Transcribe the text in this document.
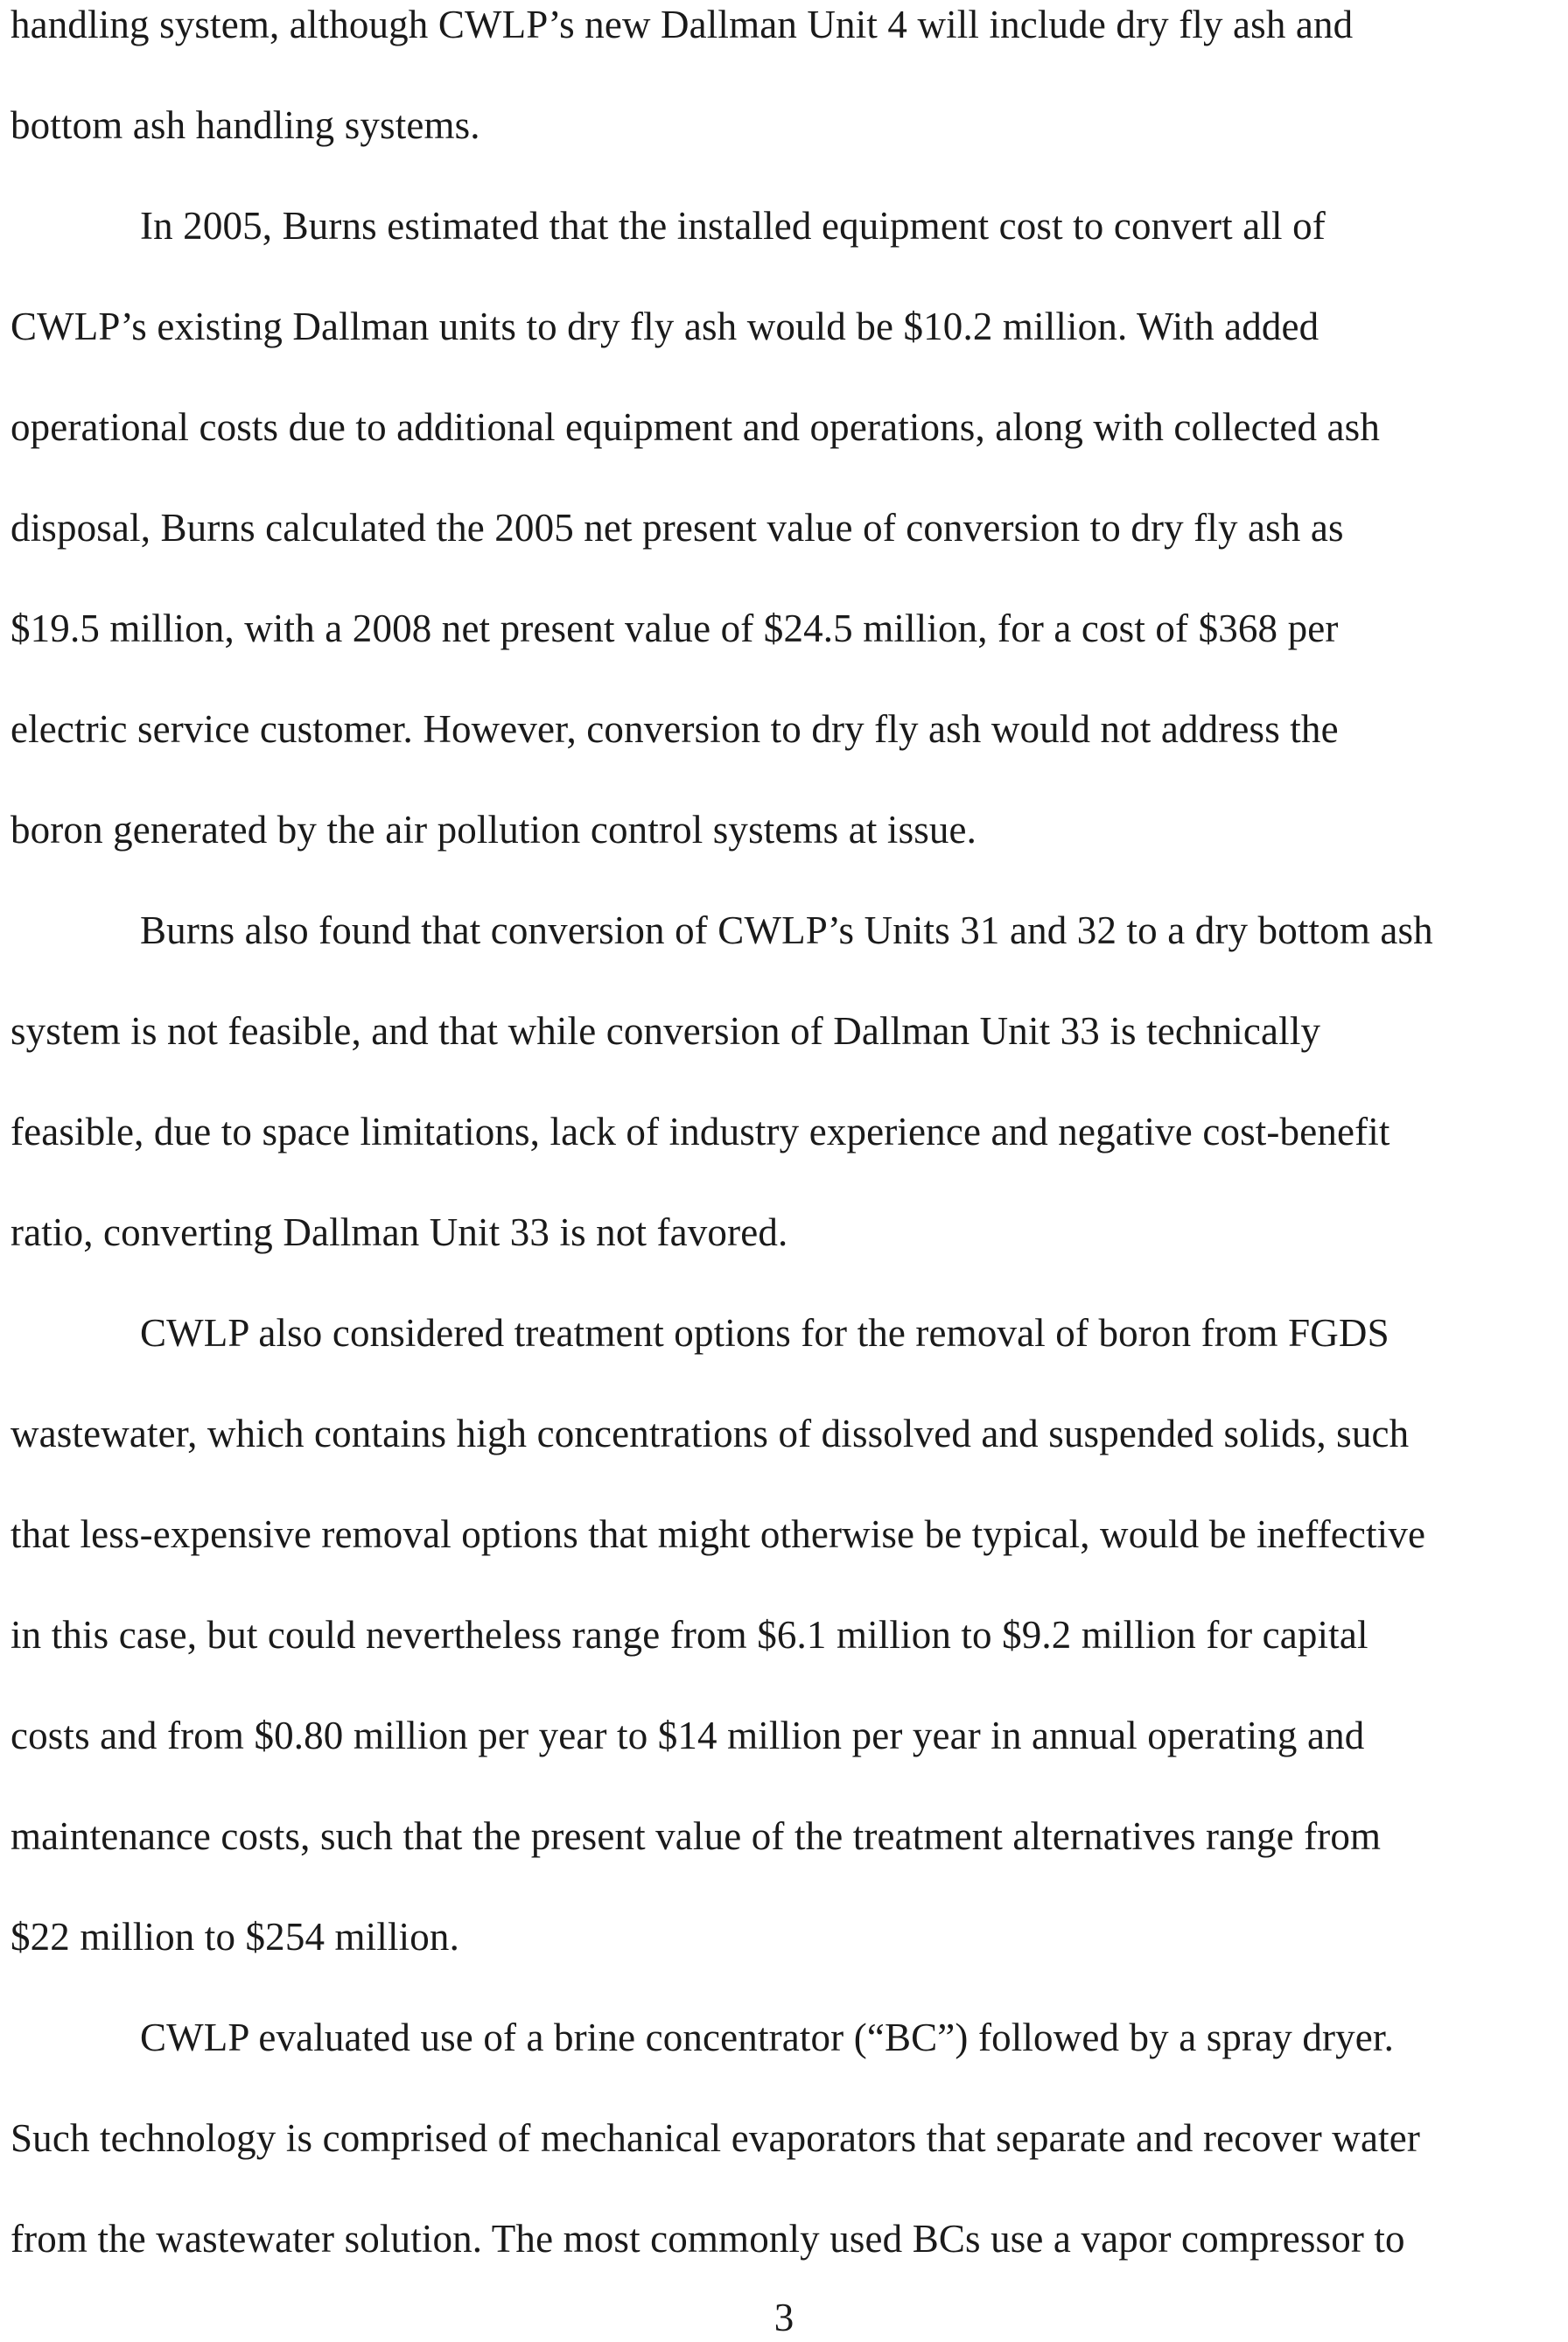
handling system, although CWLP’s new Dallman Unit 4 will include dry fly ash and
bottom ash handling systems.
In 2005, Burns estimated that the installed equipment cost to convert all of
CWLP’s existing Dallman units to dry fly ash would be $10.2 million. With added
operational costs due to additional equipment and operations, along with collected ash
disposal, Burns calculated the 2005 net present value of conversion to dry fly ash as
$19.5 million, with a 2008 net present value of $24.5 million, for a cost of $368 per
electric service customer. However, conversion to dry fly ash would not address the
boron generated by the air pollution control systems at issue.
Burns also found that conversion of CWLP’s Units 31 and 32 to a dry bottom ash
system is not feasible, and that while conversion of Dallman Unit 33 is technically
feasible, due to space limitations, lack of industry experience and negative cost-benefit
ratio, converting Dallman Unit 33 is not favored.
CWLP also considered treatment options for the removal of boron from FGDS
wastewater, which contains high concentrations of dissolved and suspended solids, such
that less-expensive removal options that might otherwise be typical, would be ineffective
in this case, but could nevertheless range from $6.1 million to $9.2 million for capital
costs and from $0.80 million per year to $14 million per year in annual operating and
maintenance costs, such that the present value of the treatment alternatives range from
$22 million to $254 million.
CWLP evaluated use of a brine concentrator (“BC”) followed by a spray dryer.
Such technology is comprised of mechanical evaporators that separate and recover water
from the wastewater solution. The most commonly used BCs use a vapor compressor to
3
